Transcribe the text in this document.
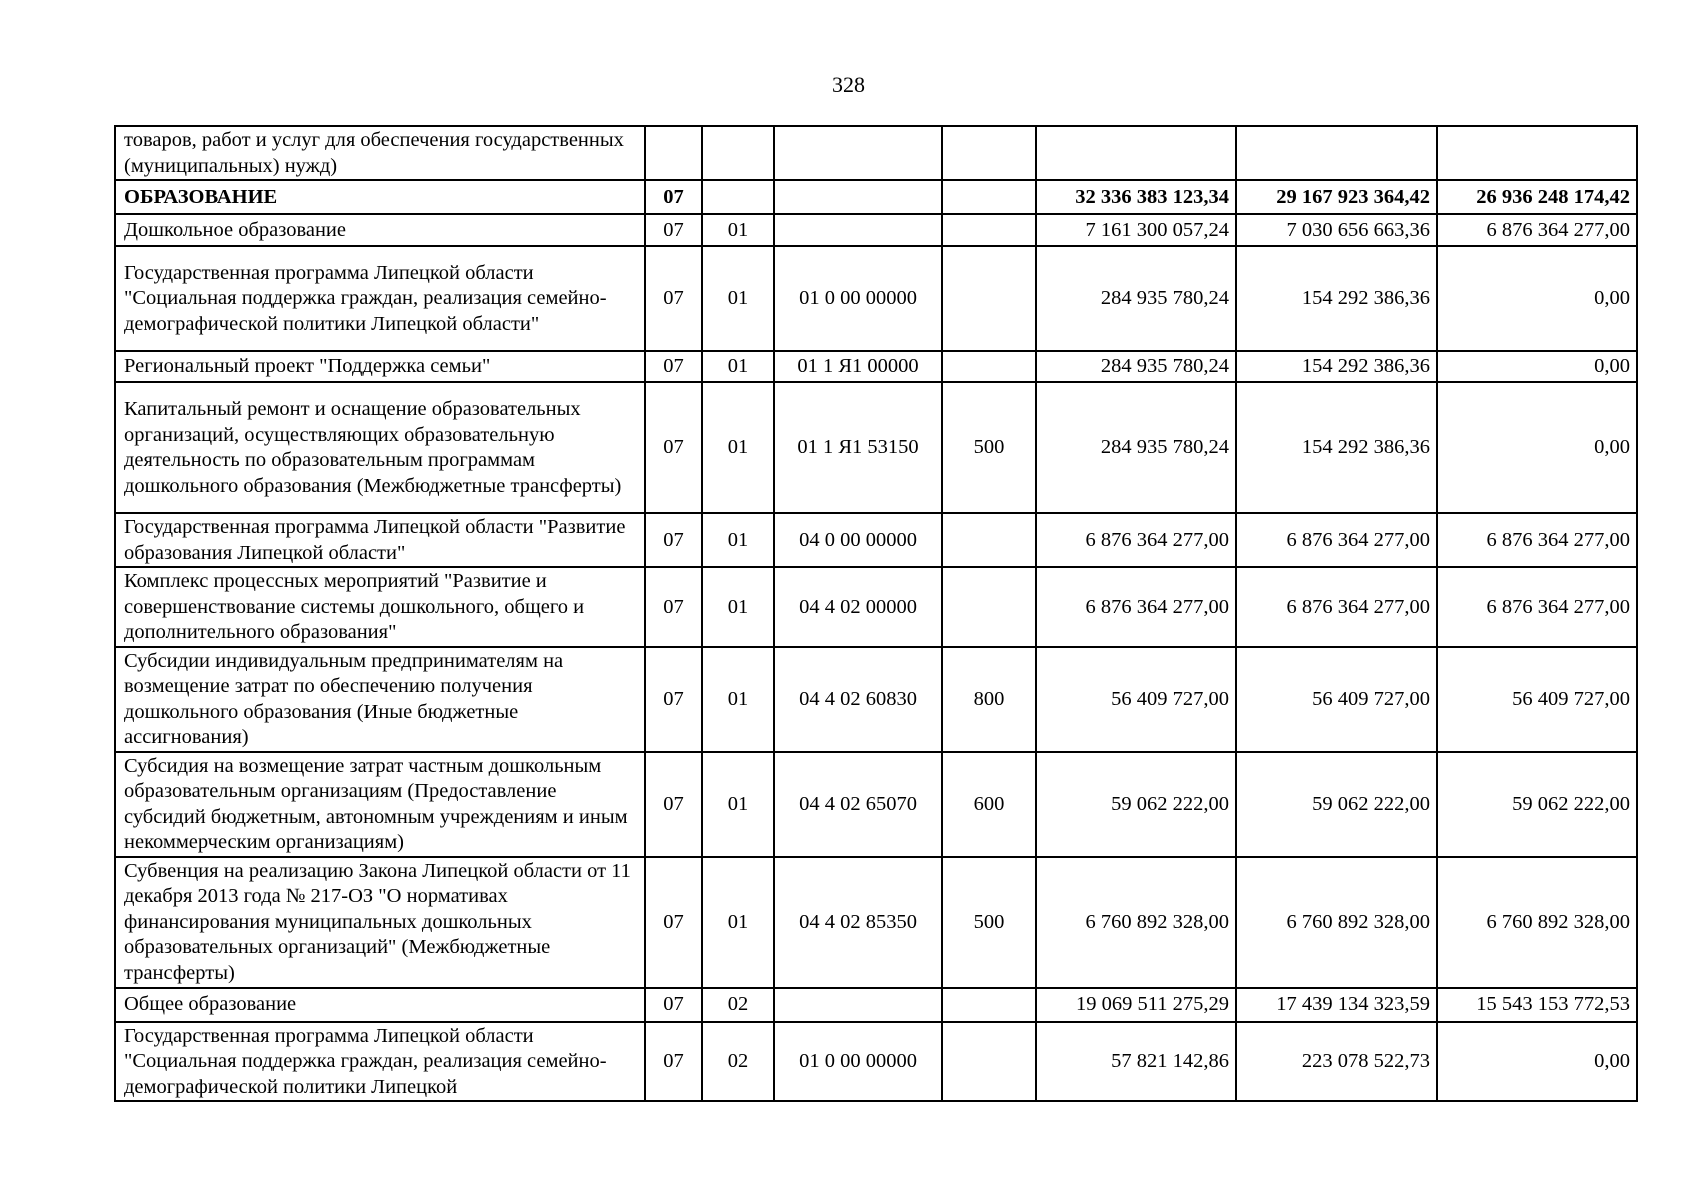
328
товаров, работ и услуг для обеспечения государственных (муниципальных) нужд)							
ОБРАЗОВАНИЕ	07				32 336 383 123,34	29 167 923 364,42	26 936 248 174,42
Дошкольное образование	07	01			7 161 300 057,24	7 030 656 663,36	6 876 364 277,00
Государственная программа Липецкой области "Социальная поддержка граждан, реализация семейно-демографической политики Липецкой области"	07	01	01 0 00 00000		284 935 780,24	154 292 386,36	0,00
Региональный проект "Поддержка семьи"	07	01	01 1 Я1 00000		284 935 780,24	154 292 386,36	0,00
Капитальный ремонт и оснащение образовательных организаций, осуществляющих образовательную деятельность по образовательным программам дошкольного образования (Межбюджетные трансферты)	07	01	01 1 Я1 53150	500	284 935 780,24	154 292 386,36	0,00
Государственная программа Липецкой области "Развитие образования Липецкой области"	07	01	04 0 00 00000		6 876 364 277,00	6 876 364 277,00	6 876 364 277,00
Комплекс процессных мероприятий "Развитие и совершенствование системы дошкольного, общего и дополнительного образования"	07	01	04 4 02 00000		6 876 364 277,00	6 876 364 277,00	6 876 364 277,00
Субсидии индивидуальным предпринимателям на возмещение затрат по обеспечению получения дошкольного образования (Иные бюджетные ассигнования)	07	01	04 4 02 60830	800	56 409 727,00	56 409 727,00	56 409 727,00
Субсидия на возмещение затрат частным дошкольным образовательным организациям (Предоставление субсидий бюджетным, автономным учреждениям и иным некоммерческим организациям)	07	01	04 4 02 65070	600	59 062 222,00	59 062 222,00	59 062 222,00
Субвенция на реализацию Закона Липецкой области от 11 декабря 2013 года № 217-ОЗ "О нормативах финансирования муниципальных дошкольных образовательных организаций" (Межбюджетные трансферты)	07	01	04 4 02 85350	500	6 760 892 328,00	6 760 892 328,00	6 760 892 328,00
Общее образование	07	02			19 069 511 275,29	17 439 134 323,59	15 543 153 772,53
Государственная программа Липецкой области "Социальная поддержка граждан, реализация семейно-демографической политики Липецкой	07	02	01 0 00 00000		57 821 142,86	223 078 522,73	0,00
